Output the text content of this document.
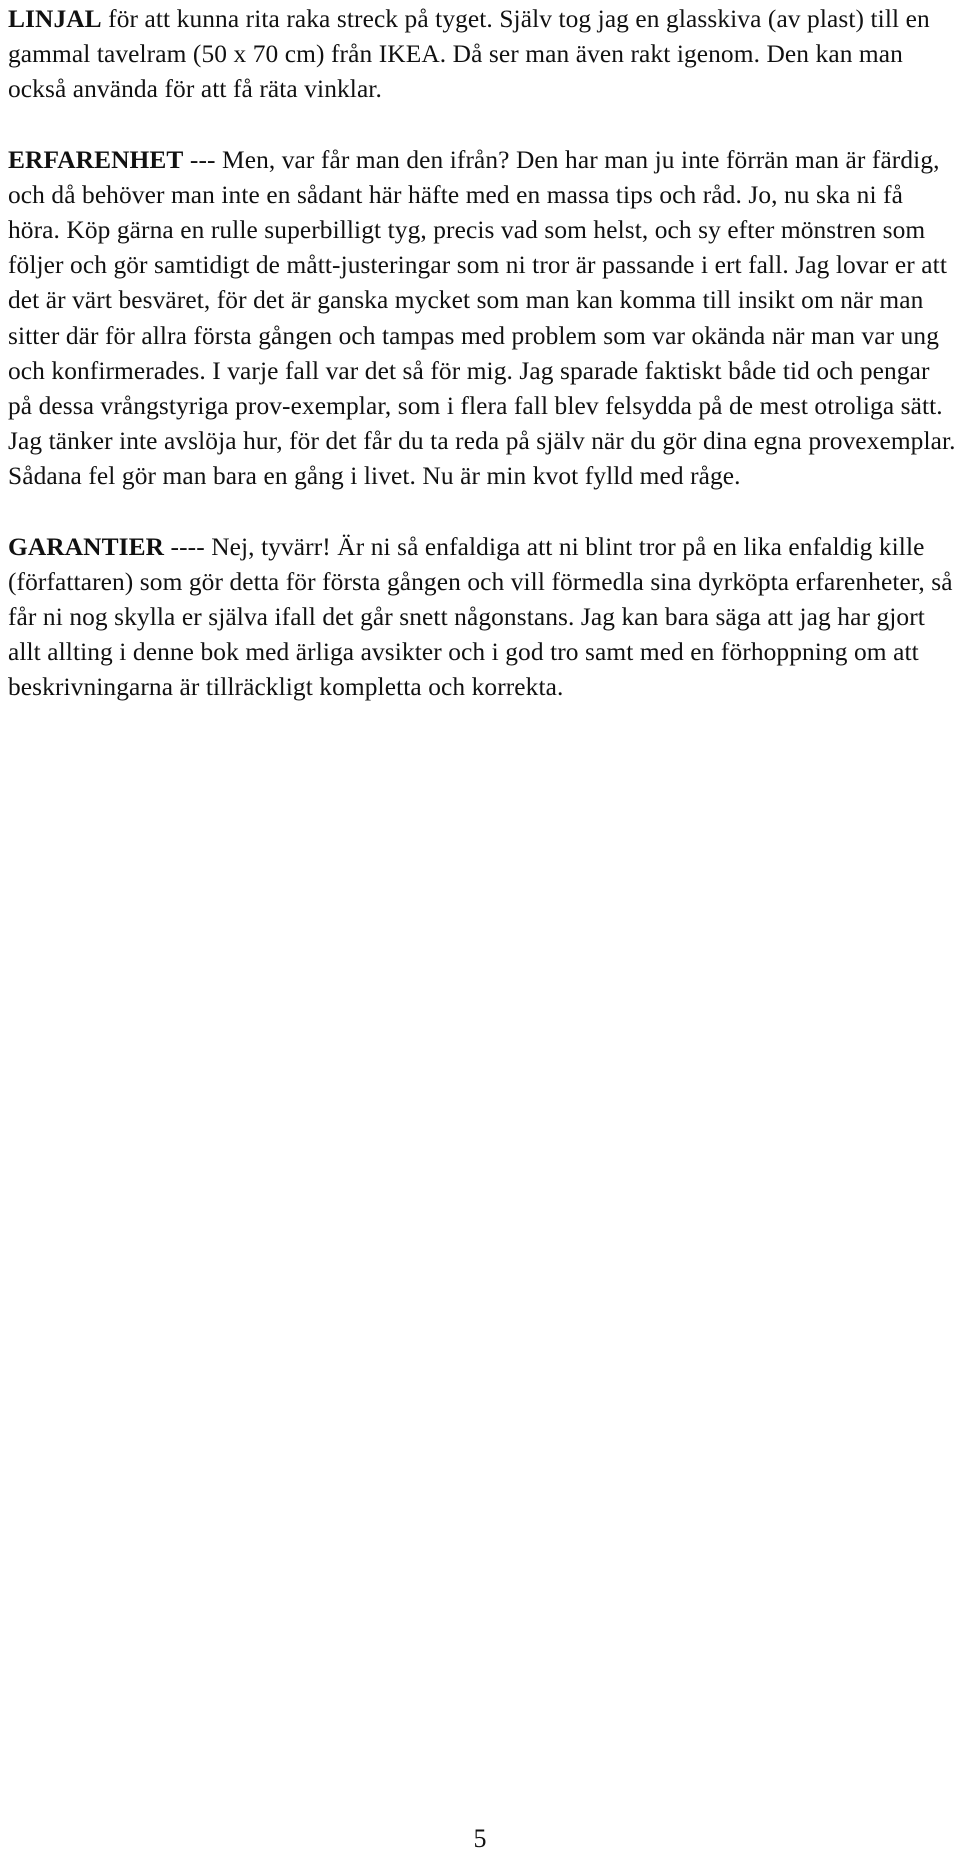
LINJAL för att kunna rita raka streck på tyget. Själv tog jag en glasskiva (av plast) till en gammal tavelram (50 x 70 cm) från IKEA. Då ser man även rakt igenom. Den kan man också använda för att få räta vinklar.

ERFARENHET --- Men, var får man den ifrån? Den har man ju inte förrän man är färdig, och då behöver man inte en sådant här häfte med en massa tips och råd. Jo, nu ska ni få höra. Köp gärna en rulle superbilligt tyg, precis vad som helst, och sy efter mönstren som följer och gör samtidigt de mått-justeringar som ni tror är passande i ert fall. Jag lovar er att det är värt besväret, för det är ganska mycket som man kan komma till insikt om när man sitter där för allra första gången och tampas med problem som var okända när man var ung och konfirmerades. I varje fall var det så för mig. Jag sparade faktiskt både tid och pengar på dessa vrångstyriga prov-exemplar, som i flera fall blev felsydda på de mest otroliga sätt. Jag tänker inte avslöja hur, för det får du ta reda på själv när du gör dina egna provexemplar. Sådana fel gör man bara en gång i livet. Nu är min kvot fylld med råge.

GARANTIER ---- Nej, tyvärr! Är ni så enfaldiga att ni blint tror på en lika enfaldig kille (författaren) som gör detta för första gången och vill förmedla sina dyrköpta erfarenheter, så får ni nog skylla er själva ifall det går snett någonstans. Jag kan bara säga att jag har gjort allt allting i denne bok med ärliga avsikter och i god tro samt med en förhoppning om att beskrivningarna är tillräckligt kompletta och korrekta.

5
